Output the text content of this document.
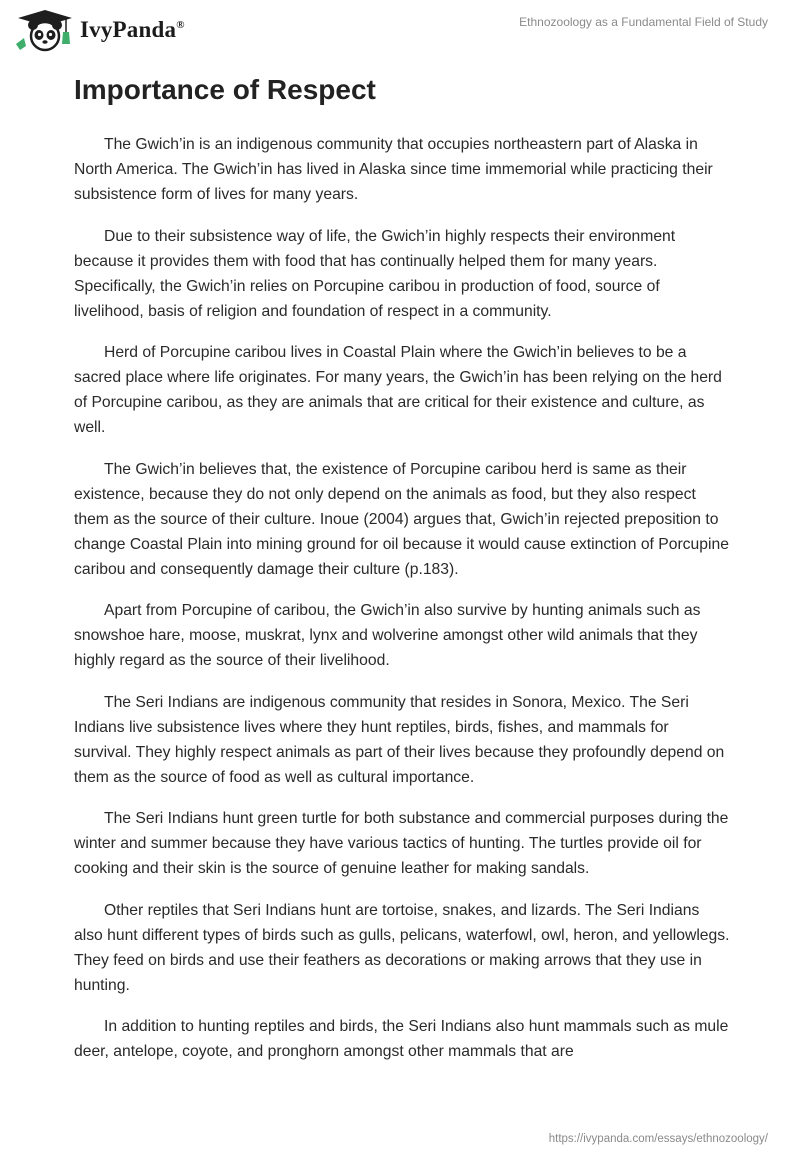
IvyPanda®	Ethnozoology as a Fundamental Field of Study
Importance of Respect

The Gwich’in is an indigenous community that occupies northeastern part of Alaska in North America. The Gwich’in has lived in Alaska since time immemorial while practicing their subsistence form of lives for many years.

Due to their subsistence way of life, the Gwich’in highly respects their environment because it provides them with food that has continually helped them for many years. Specifically, the Gwich’in relies on Porcupine caribou in production of food, source of livelihood, basis of religion and foundation of respect in a community.

Herd of Porcupine caribou lives in Coastal Plain where the Gwich’in believes to be a sacred place where life originates. For many years, the Gwich’in has been relying on the herd of Porcupine caribou, as they are animals that are critical for their existence and culture, as well.

The Gwich’in believes that, the existence of Porcupine caribou herd is same as their existence, because they do not only depend on the animals as food, but they also respect them as the source of their culture. Inoue (2004) argues that, Gwich’in rejected preposition to change Coastal Plain into mining ground for oil because it would cause extinction of Porcupine caribou and consequently damage their culture (p.183).

Apart from Porcupine of caribou, the Gwich’in also survive by hunting animals such as snowshoe hare, moose, muskrat, lynx and wolverine amongst other wild animals that they highly regard as the source of their livelihood.

The Seri Indians are indigenous community that resides in Sonora, Mexico. The Seri Indians live subsistence lives where they hunt reptiles, birds, fishes, and mammals for survival. They highly respect animals as part of their lives because they profoundly depend on them as the source of food as well as cultural importance.

The Seri Indians hunt green turtle for both substance and commercial purposes during the winter and summer because they have various tactics of hunting. The turtles provide oil for cooking and their skin is the source of genuine leather for making sandals.

Other reptiles that Seri Indians hunt are tortoise, snakes, and lizards. The Seri Indians also hunt different types of birds such as gulls, pelicans, waterfowl, owl, heron, and yellowlegs. They feed on birds and use their feathers as decorations or making arrows that they use in hunting.

In addition to hunting reptiles and birds, the Seri Indians also hunt mammals such as mule deer, antelope, coyote, and pronghorn amongst other mammals that are

https://ivypanda.com/essays/ethnozoology/
